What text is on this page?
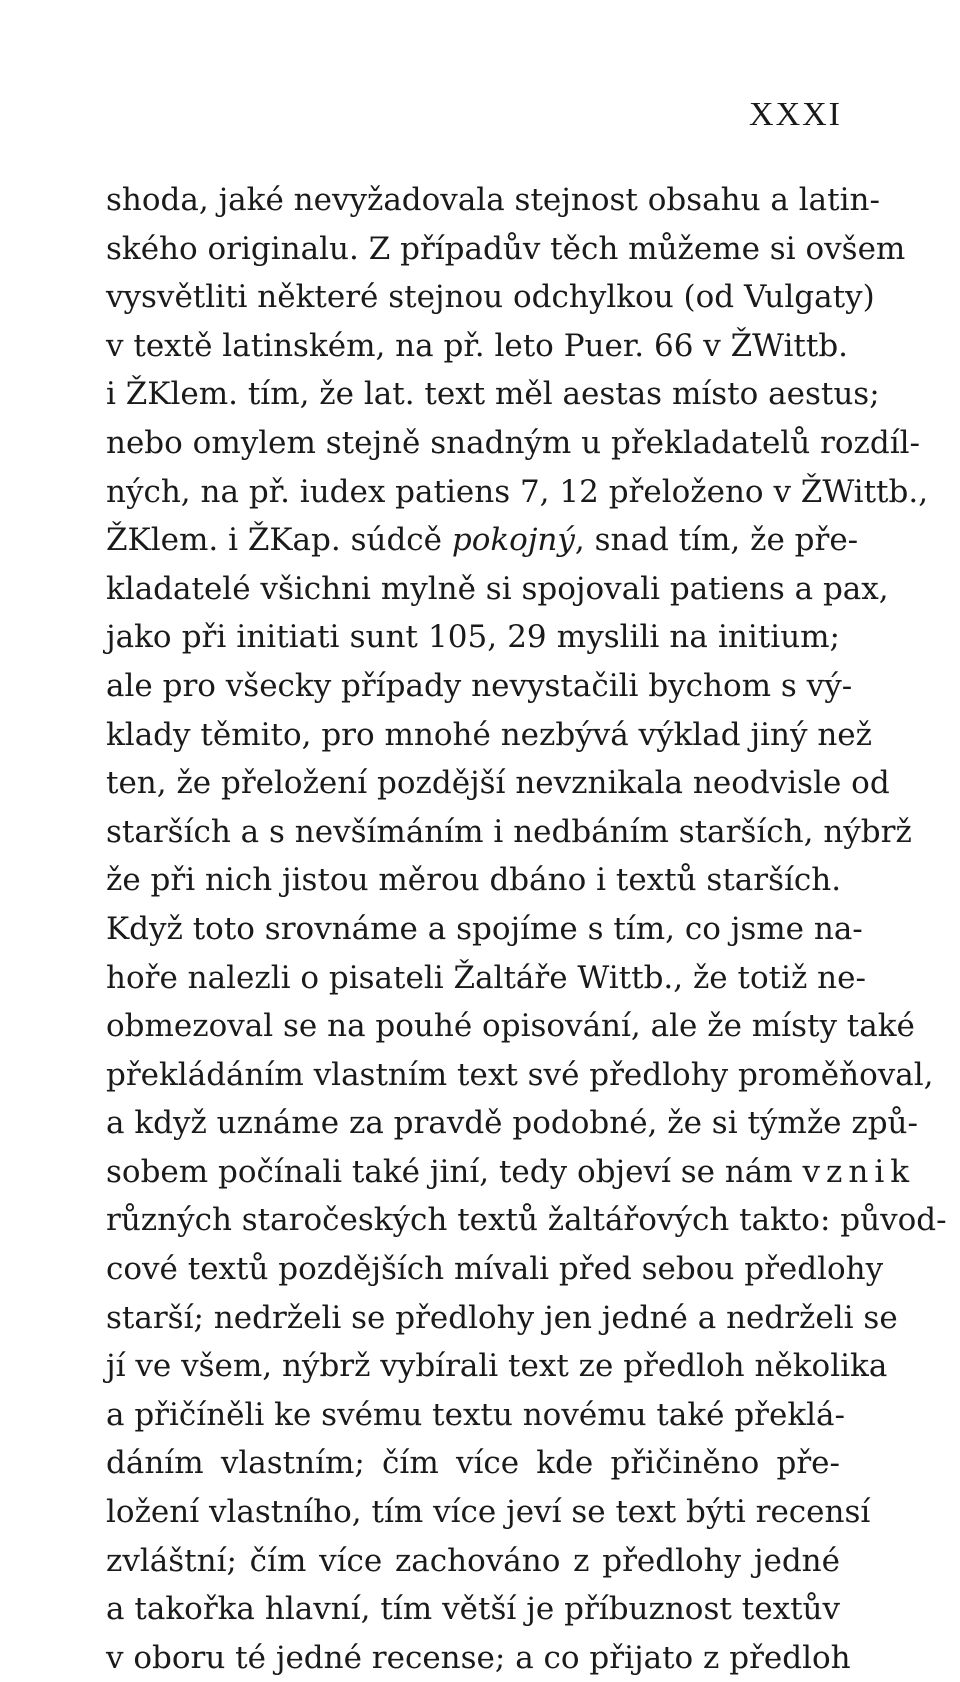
XXXI
shoda, jaké nevyžadovala stejnost obsahu a latin-
ského originalu. Z případův těch můžeme si ovšem
vysvětliti některé stejnou odchylkou (od Vulgaty)
v textě latinském, na př. leto Puer. 66 v ŽWittb.
i ŽKlem. tím, že lat. text měl aestas místo aestus;
nebo omylem stejně snadným u překladatelů rozdíl-
ných, na př. iudex patiens 7, 12 přeloženo v ŽWittb.,
ŽKlem. i ŽKap. súdcě pokojný, snad tím, že pře-
kladatelé všichni mylně si spojovali patiens a pax,
jako při initiati sunt 105, 29 myslili na initium;
ale pro všecky případy nevystačili bychom s vý-
klady těmito, pro mnohé nezbývá výklad jiný než
ten, že přeložení pozdější nevznikala neodvisle od
starších a s nevšímáním i nedbáním starších, nýbrž
že při nich jistou měrou dbáno i textů starších.
Když toto srovnáme a spojíme s tím, co jsme na-
hoře nalezli o pisateli Žaltáře Wittb., že totiž ne-
obmezoval se na pouhé opisování, ale že místy také
překládáním vlastním text své předlohy proměňoval,
a když uznáme za pravdě podobné, že si týmže způ-
sobem počínali také jiní, tedy objeví se nám vznik
různých staročeských textů žaltářových takto: původ-
cové textů pozdějších mívali před sebou předlohy
starší; nedrželi se předlohy jen jedné a nedrželi se
jí ve všem, nýbrž vybírali text ze předloh několika
a přičíněli ke svému textu novému také překlá-
dáním vlastním; čím více kde přičiněno pře-
ložení vlastního, tím více jeví se text býti recensí
zvláštní; čím více zachováno z předlohy jedné
a takořka hlavní, tím větší je příbuznost textův
v oboru té jedné recense; a co přijato z předloh
